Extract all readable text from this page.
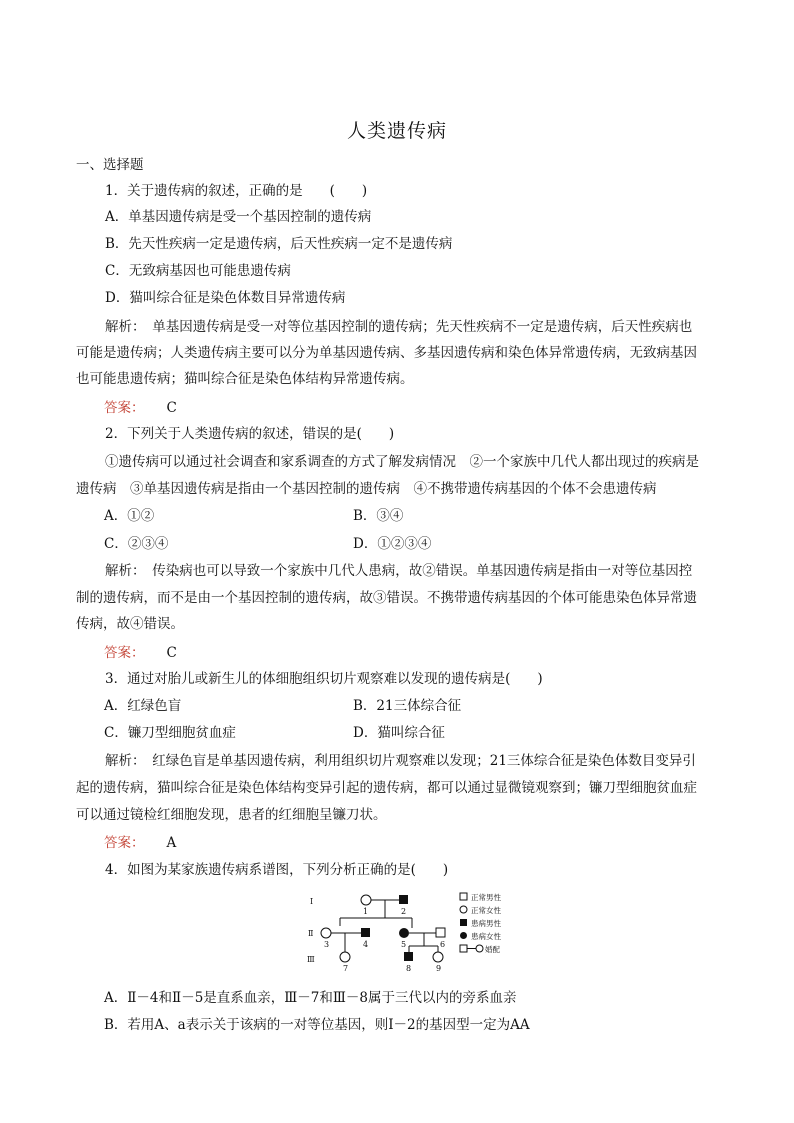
人类遗传病
一、选择题
1．关于遗传病的叙述，正确的是　　(　　)
A．单基因遗传病是受一个基因控制的遗传病
B．先天性疾病一定是遗传病，后天性疾病一定不是遗传病
C．无致病基因也可能患遗传病
D．猫叫综合征是染色体数目异常遗传病
解析：　单基因遗传病是受一对等位基因控制的遗传病；先天性疾病不一定是遗传病，后天性疾病也
可能是遗传病；人类遗传病主要可以分为单基因遗传病、多基因遗传病和染色体异常遗传病，无致病基因
也可能患遗传病；猫叫综合征是染色体结构异常遗传病。
答案： C
2．下列关于人类遗传病的叙述，错误的是(　　)
①遗传病可以通过社会调查和家系调查的方式了解发病情况　②一个家族中几代人都出现过的疾病是
遗传病　③单基因遗传病是指由一个基因控制的遗传病　④不携带遗传病基因的个体不会患遗传病
A．①②	B．③④
C．②③④	D．①②③④
解析：　传染病也可以导致一个家族中几代人患病，故②错误。单基因遗传病是指由一对等位基因控
制的遗传病，而不是由一个基因控制的遗传病，故③错误。不携带遗传病基因的个体可能患染色体异常遗
传病，故④错误。
答案： C
3．通过对胎儿或新生儿的体细胞组织切片观察难以发现的遗传病是(　　)
A．红绿色盲	B．21三体综合征
C．镰刀型细胞贫血症	D．猫叫综合征
解析：　红绿色盲是单基因遗传病，利用组织切片观察难以发现；21三体综合征是染色体数目变异引
起的遗传病，猫叫综合征是染色体结构变异引起的遗传病，都可以通过显微镜观察到；镰刀型细胞贫血症
可以通过镜检红细胞发现，患者的红细胞呈镰刀状。
答案： A
4．如图为某家族遗传病系谱图，下列分析正确的是(　　)
Ⅰ
Ⅱ
Ⅲ
1	2
3	4	5	6
7	8	9
正常男性
正常女性
患病男性
患病女性
婚配
A．Ⅱ－4和Ⅱ－5是直系血亲，Ⅲ－7和Ⅲ－8属于三代以内的旁系血亲
B．若用A、a表示关于该病的一对等位基因，则Ⅰ－2的基因型一定为AA
